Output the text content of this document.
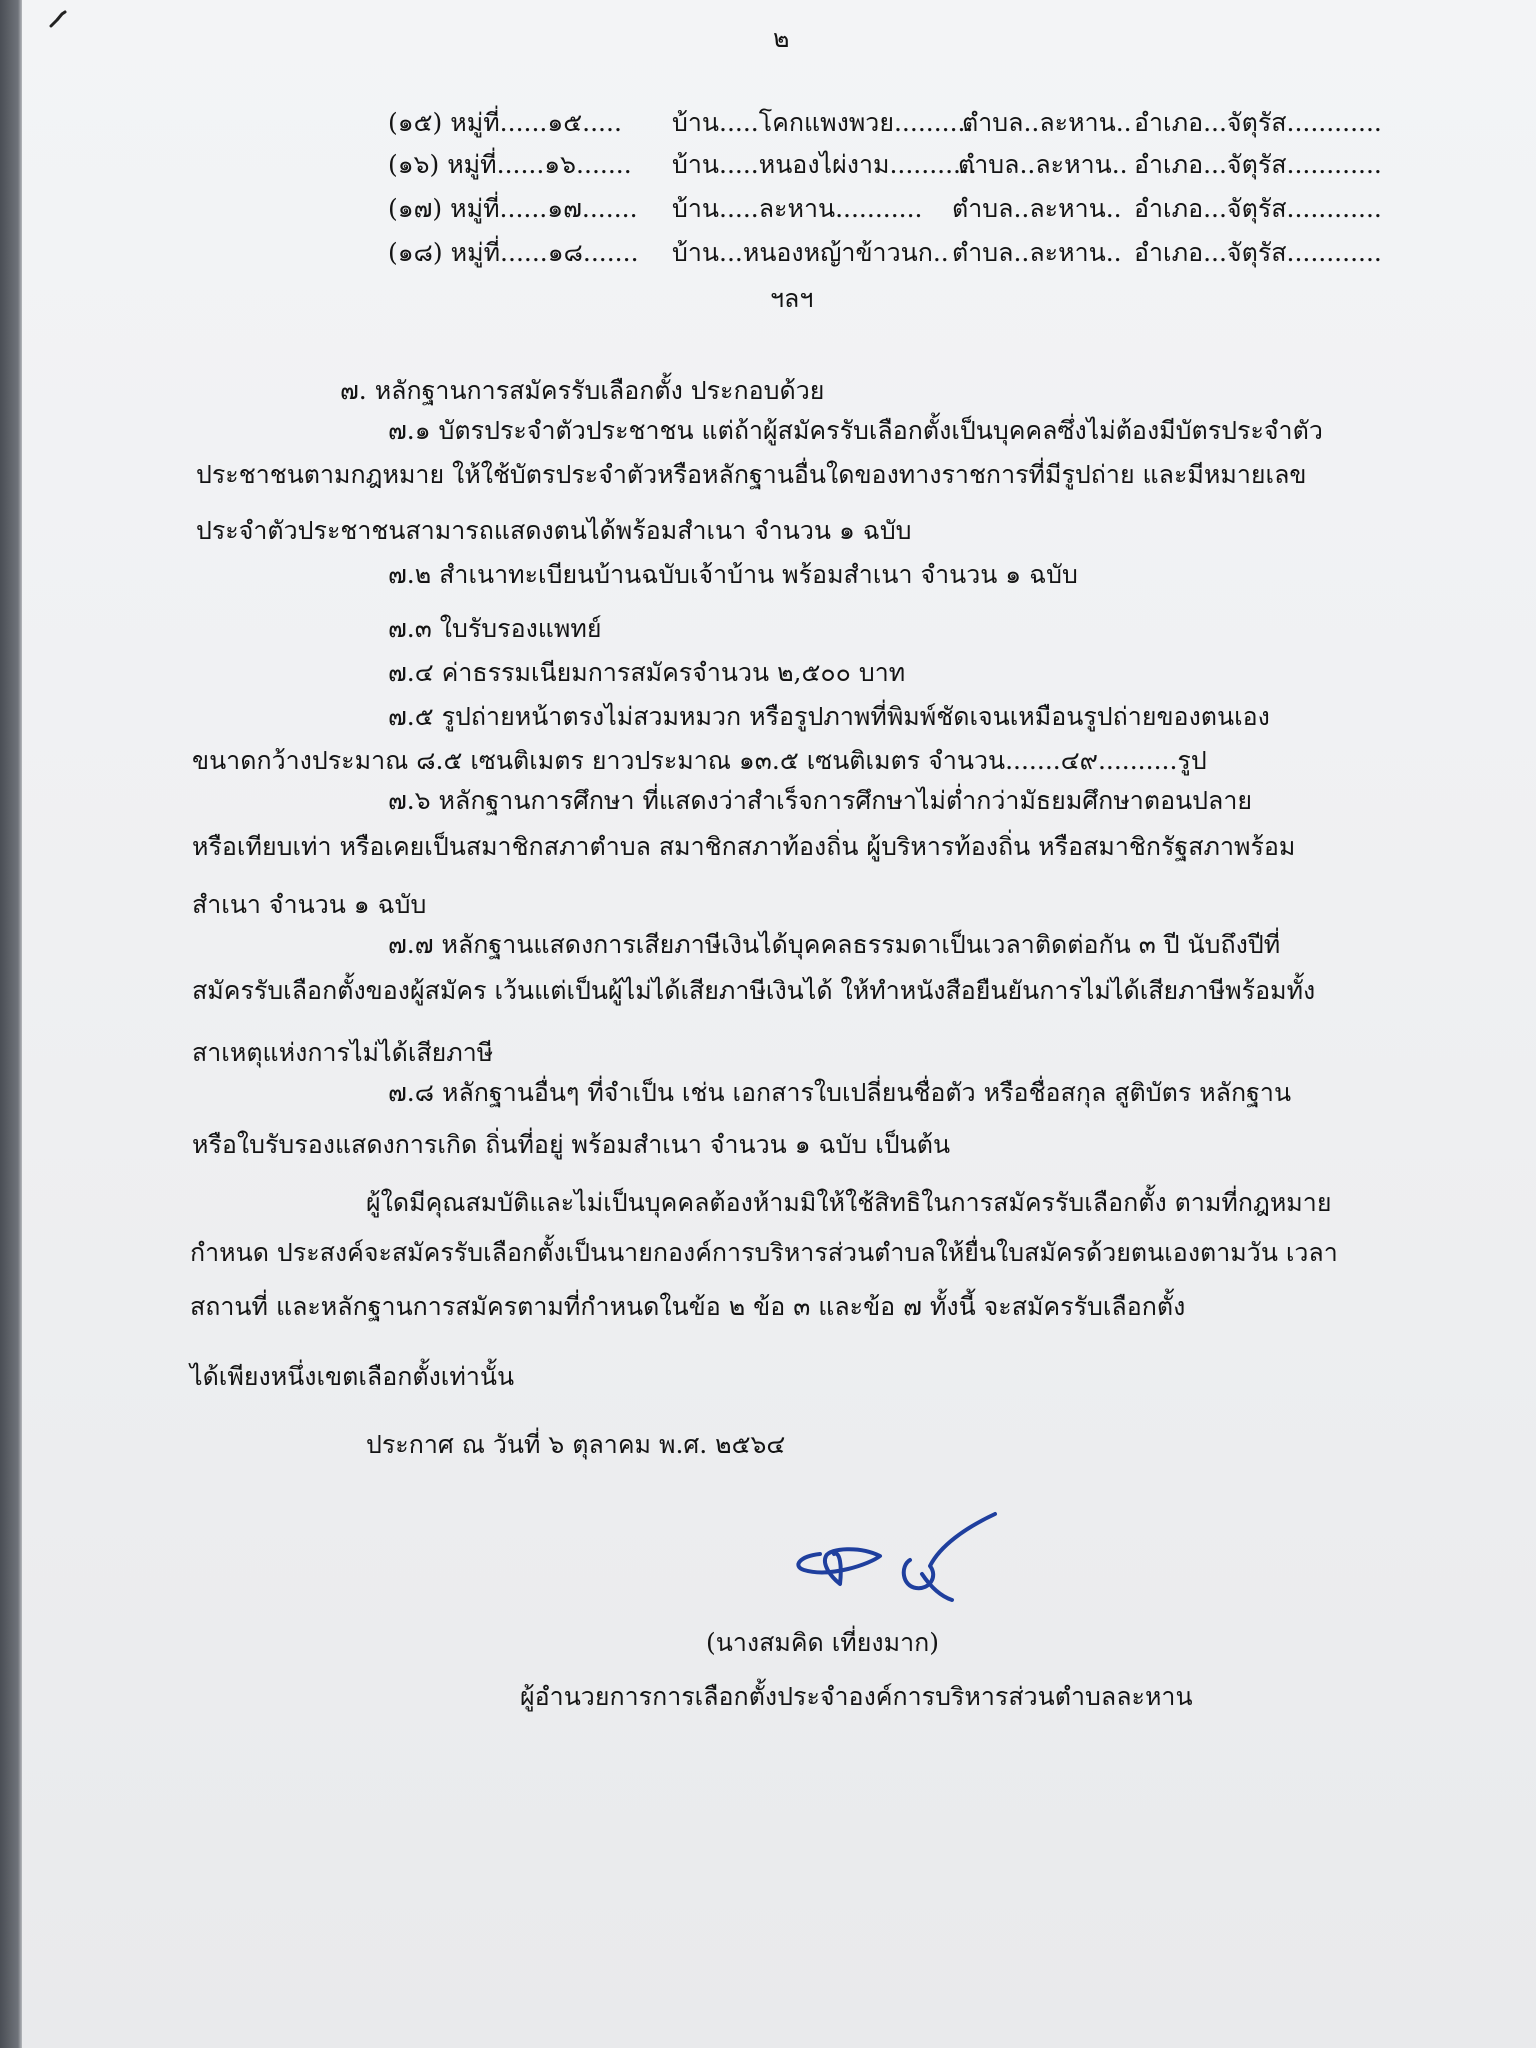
๒
(๑๕) หมู่ที่......๑๕..... บ้าน.....โคกแพงพวย..........
ตำบล..ละหาน.. อำเภอ...จัตุรัส............
(๑๖) หมู่ที่......๑๖....... บ้าน.....หนองไผ่งาม...........
ตำบล..ละหาน.. อำเภอ...จัตุรัส............
(๑๗) หมู่ที่......๑๗....... บ้าน.....ละหาน........... ตำบล..ละหาน.. อำเภอ...จัตุรัส............
(๑๘) หมู่ที่......๑๘....... บ้าน...หนองหญ้าข้าวนก.. ตำบล..ละหาน.. อำเภอ...จัตุรัส............
ฯลฯ
๗. หลักฐานการสมัครรับเลือกตั้ง ประกอบด้วย
๗.๑ บัตรประจำตัวประชาชน แต่ถ้าผู้สมัครรับเลือกตั้งเป็นบุคคลซึ่งไม่ต้องมีบัตรประจำตัว
ประชาชนตามกฎหมาย ให้ใช้บัตรประจำตัวหรือหลักฐานอื่นใดของทางราชการที่มีรูปถ่าย และมีหมายเลข
ประจำตัวประชาชนสามารถแสดงตนได้พร้อมสำเนา จำนวน ๑ ฉบับ
๗.๒ สำเนาทะเบียนบ้านฉบับเจ้าบ้าน พร้อมสำเนา จำนวน ๑ ฉบับ
๗.๓ ใบรับรองแพทย์
๗.๔ ค่าธรรมเนียมการสมัครจำนวน ๒,๕๐๐ บาท
๗.๕ รูปถ่ายหน้าตรงไม่สวมหมวก หรือรูปภาพที่พิมพ์ชัดเจนเหมือนรูปถ่ายของตนเอง
ขนาดกว้างประมาณ ๘.๕ เซนติเมตร ยาวประมาณ ๑๓.๕ เซนติเมตร จำนวน.......๔๙..........รูป
๗.๖ หลักฐานการศึกษา ที่แสดงว่าสำเร็จการศึกษาไม่ต่ำกว่ามัธยมศึกษาตอนปลาย
หรือเทียบเท่า หรือเคยเป็นสมาชิกสภาตำบล สมาชิกสภาท้องถิ่น ผู้บริหารท้องถิ่น หรือสมาชิกรัฐสภาพร้อม
สำเนา จำนวน ๑ ฉบับ
๗.๗ หลักฐานแสดงการเสียภาษีเงินได้บุคคลธรรมดาเป็นเวลาติดต่อกัน ๓ ปี นับถึงปีที่
สมัครรับเลือกตั้งของผู้สมัคร เว้นแต่เป็นผู้ไม่ได้เสียภาษีเงินได้ ให้ทำหนังสือยืนยันการไม่ได้เสียภาษีพร้อมทั้ง
สาเหตุแห่งการไม่ได้เสียภาษี
๗.๘ หลักฐานอื่นๆ ที่จำเป็น เช่น เอกสารใบเปลี่ยนชื่อตัว หรือชื่อสกุล สูติบัตร หลักฐาน
หรือใบรับรองแสดงการเกิด ถิ่นที่อยู่ พร้อมสำเนา จำนวน ๑ ฉบับ เป็นต้น
ผู้ใดมีคุณสมบัติและไม่เป็นบุคคลต้องห้ามมิให้ใช้สิทธิในการสมัครรับเลือกตั้ง ตามที่กฎหมาย
กำหนด ประสงค์จะสมัครรับเลือกตั้งเป็นนายกองค์การบริหารส่วนตำบลให้ยื่นใบสมัครด้วยตนเองตามวัน เวลา
สถานที่ และหลักฐานการสมัครตามที่กำหนดในข้อ ๒ ข้อ ๓ และข้อ ๗ ทั้งนี้ จะสมัครรับเลือกตั้ง
ได้เพียงหนึ่งเขตเลือกตั้งเท่านั้น
ประกาศ ณ วันที่ ๖ ตุลาคม พ.ศ. ๒๕๖๔
(นางสมคิด เที่ยงมาก)
ผู้อำนวยการการเลือกตั้งประจำองค์การบริหารส่วนตำบลละหาน
